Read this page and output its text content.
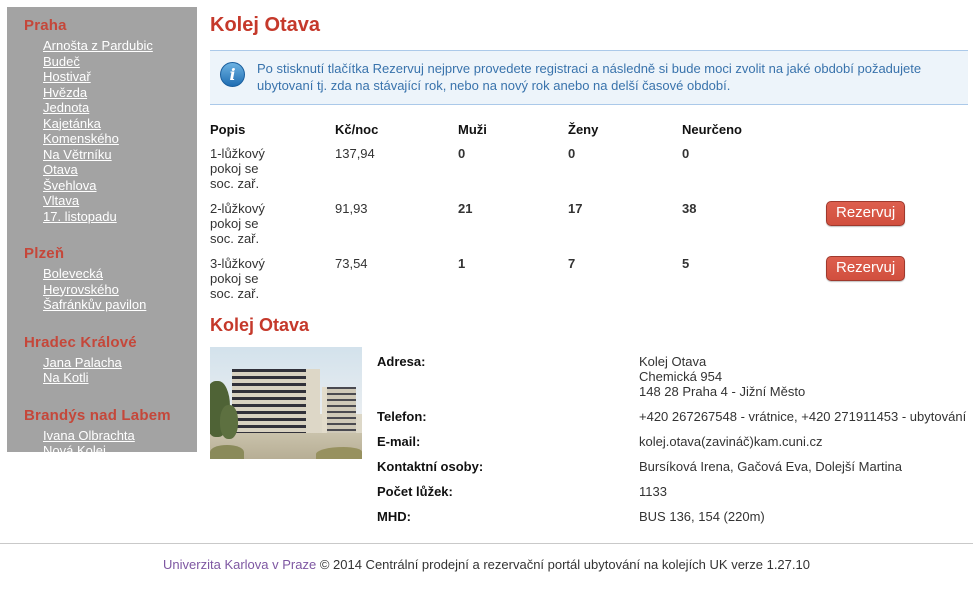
Praha
Arnošta z Pardubic
Budeč
Hostivař
Hvězda
Jednota
Kajetánka
Komenského
Na Větrníku
Otava
Švehlova
Vltava
17. listopadu
Plzeň
Bolevecká
Heyrovského
Šafránkův pavilon
Hradec Králové
Jana Palacha
Na Kotli
Brandýs nad Labem
Ivana Olbrachta
Nová Kolej
Kolej Otava
i	Po stisknutí tlačítka Rezervuj nejprve provedete registraci a následně si bude moci zvolit na jaké období požadujete ubytovaní tj. zda na stávající rok, nebo na nový rok anebo na delší časové období.
Popis	Kč/noc	Muži	Ženy	Neurčeno	

1-lůžkový pokoj se soc. zař.	137,94	0	0	0	

2-lůžkový pokoj se soc. zař.	91,93	21	17	38	Rezervuj

3-lůžkový pokoj se soc. zař.	73,54	1	7	5	Rezervuj
Kolej Otava
Adresa:	Kolej Otava
Chemická 954
148 28 Praha 4 - Jižní Město
Telefon:	+420 267267548 - vrátnice, +420 271911453 - ubytování
E-mail:	kolej.otava(zavináč)kam.cuni.cz
Kontaktní osoby:	Bursíková Irena, Gačová Eva, Dolejší Martina
Počet lůžek:	1133
MHD:	BUS 136, 154 (220m)
Univerzita Karlova v Praze © 2014 Centrální prodejní a rezervační portál ubytování na kolejích UK verze 1.27.10
